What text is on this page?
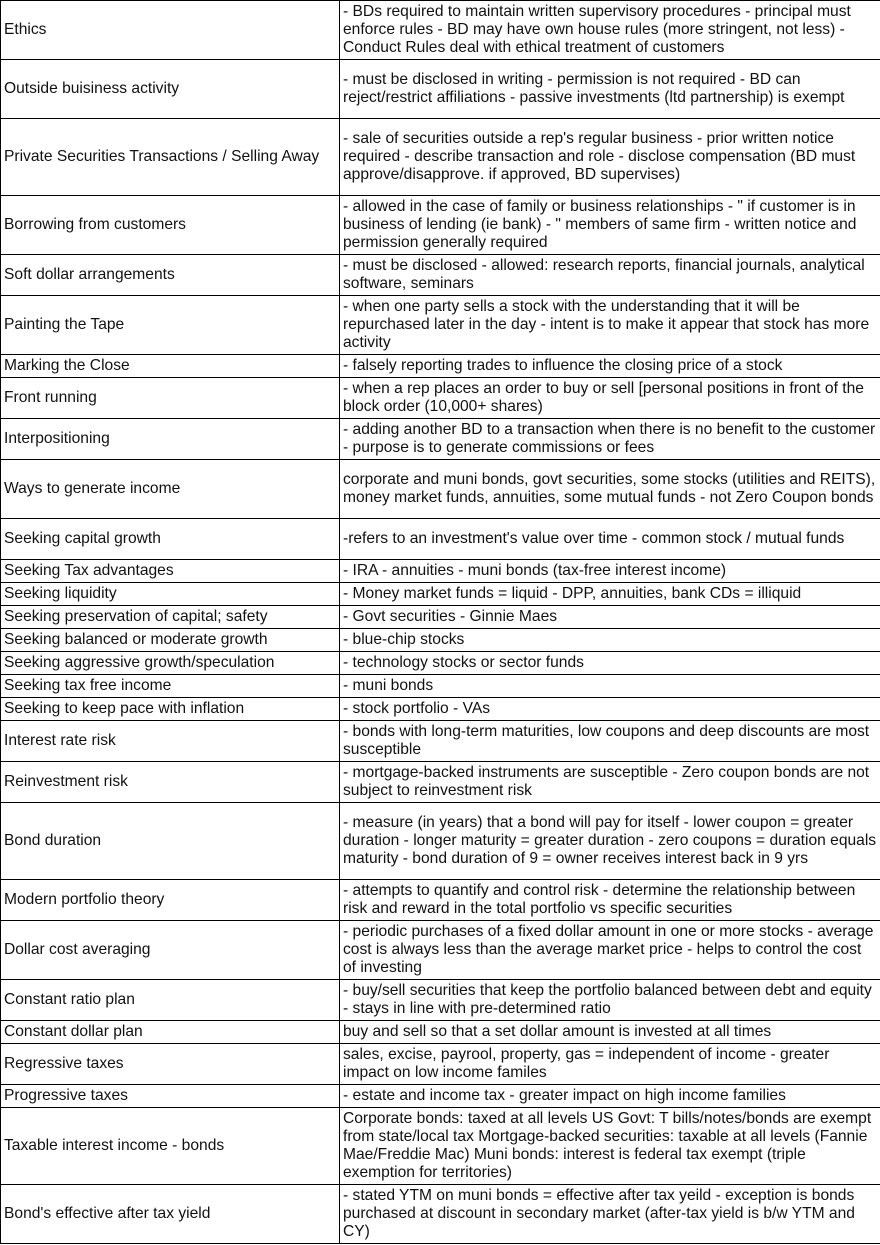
Ethics	- BDs required to maintain written supervisory procedures - principal must enforce rules - BD may have own house rules (more stringent, not less) - Conduct Rules deal with ethical treatment of customers
Outside buisiness activity	- must be disclosed in writing - permission is not required - BD can reject/restrict affiliations - passive investments (ltd partnership) is exempt
Private Securities Transactions / Selling Away	- sale of securities outside a rep's regular business - prior written notice required - describe transaction and role - disclose compensation (BD must approve/disapprove. if approved, BD supervises)
Borrowing from customers	- allowed in the case of family or business relationships - " if customer is in business of lending (ie bank) - " members of same firm - written notice and permission generally required
Soft dollar arrangements	- must be disclosed - allowed: research reports, financial journals, analytical software, seminars
Painting the Tape	- when one party sells a stock with the understanding that it will be repurchased later in the day - intent is to make it appear that stock has more activity
Marking the Close	- falsely reporting trades to influence the closing price of a stock
Front running	- when a rep places an order to buy or sell [personal positions in front of the block order (10,000+ shares)
Interpositioning	- adding another BD to a transaction when there is no benefit to the customer - purpose is to generate commissions or fees
Ways to generate income	corporate and muni bonds, govt securities, some stocks (utilities and REITS), money market funds, annuities, some mutual funds - not Zero Coupon bonds
Seeking capital growth	-refers to an investment's value over time - common stock / mutual funds
Seeking Tax advantages	- IRA - annuities - muni bonds (tax-free interest income)
Seeking liquidity	- Money market funds = liquid - DPP, annuities, bank CDs = illiquid
Seeking preservation of capital; safety	- Govt securities - Ginnie Maes
Seeking balanced or moderate growth	- blue-chip stocks
Seeking aggressive growth/speculation	- technology stocks or sector funds
Seeking tax free income	- muni bonds
Seeking to keep pace with inflation	- stock portfolio - VAs
Interest rate risk	- bonds with long-term maturities, low coupons and deep discounts are most susceptible
Reinvestment risk	- mortgage-backed instruments are susceptible - Zero coupon bonds are not subject to reinvestment risk
Bond duration	- measure (in years) that a bond will pay for itself - lower coupon = greater duration - longer maturity = greater duration - zero coupons = duration equals maturity - bond duration of 9 = owner receives interest back in 9 yrs
Modern portfolio theory	- attempts to quantify and control risk - determine the relationship between risk and reward in the total portfolio vs specific securities
Dollar cost averaging	- periodic purchases of a fixed dollar amount in one or more stocks - average cost is always less than the average market price - helps to control the cost of investing
Constant ratio plan	- buy/sell securities that keep the portfolio balanced between debt and equity - stays in line with pre-determined ratio
Constant dollar plan	buy and sell so that a set dollar amount is invested at all times
Regressive taxes	sales, excise, payrool, property, gas = independent of income - greater impact on low income familes
Progressive taxes	- estate and income tax - greater impact on high income families
Taxable interest income - bonds	Corporate bonds: taxed at all levels US Govt: T bills/notes/bonds are exempt from state/local tax Mortgage-backed securities: taxable at all levels (Fannie Mae/Freddie Mac) Muni bonds: interest is federal tax exempt (triple exemption for territories)
Bond's effective after tax yield	- stated YTM on muni bonds = effective after tax yeild - exception is bonds purchased at discount in secondary market (after-tax yield is b/w YTM and CY)
